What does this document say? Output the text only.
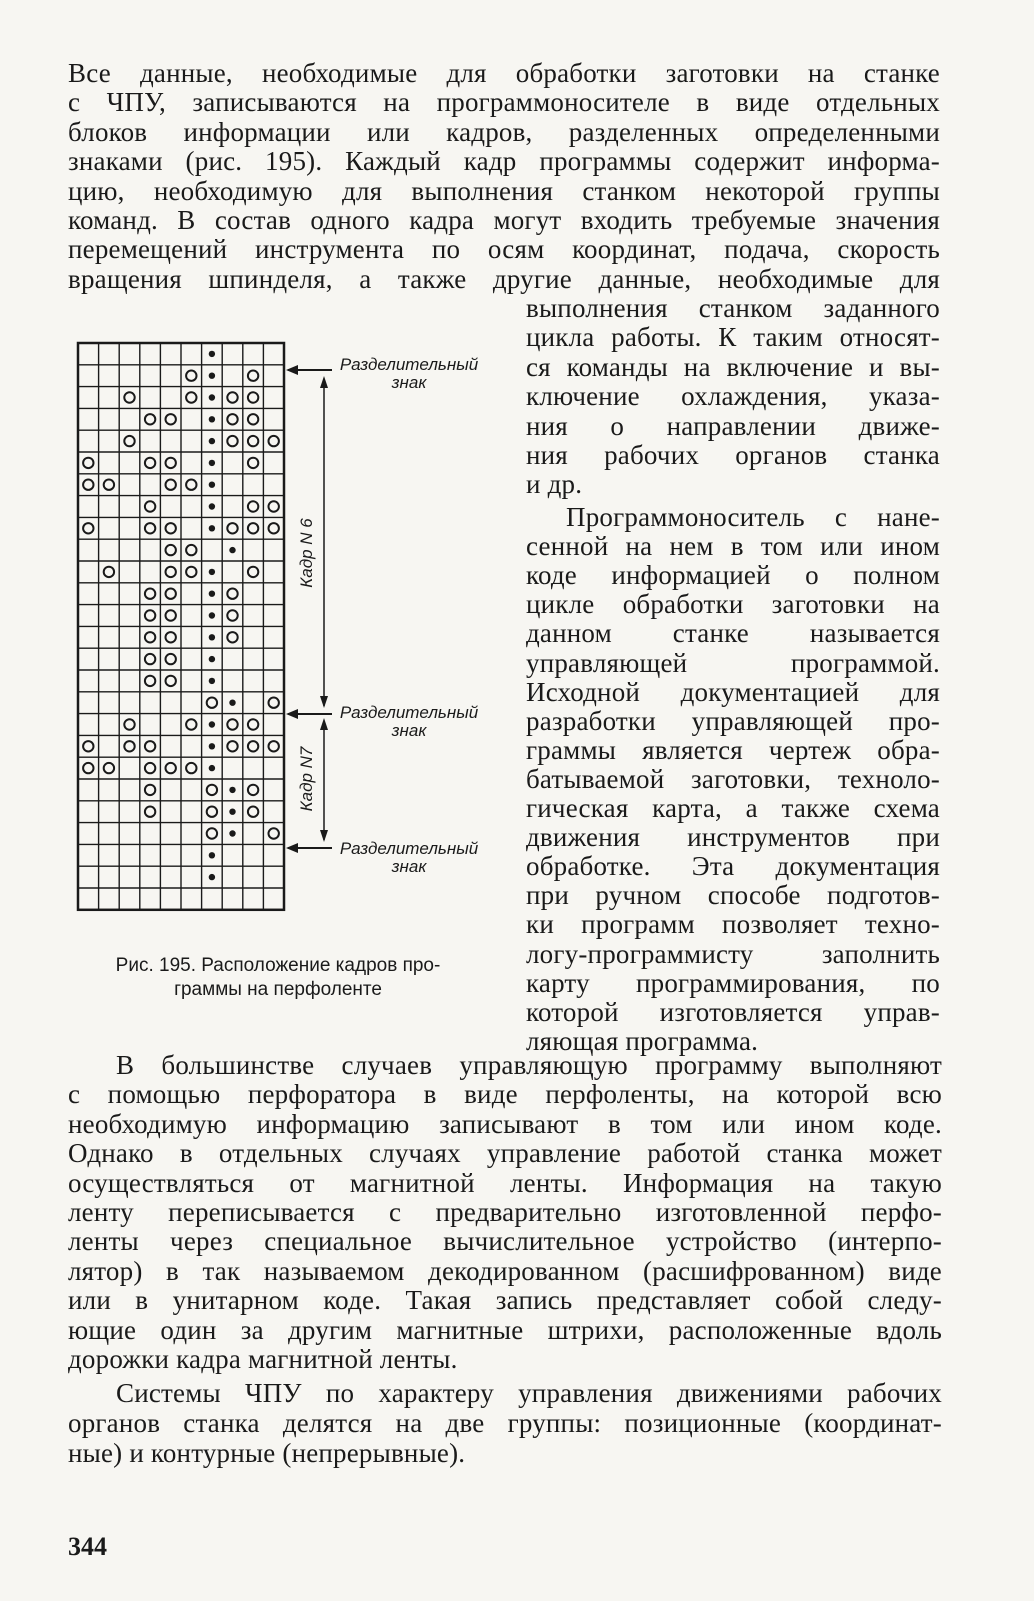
Все данные, необходимые для обработки заготовки на станке
с ЧПУ, записываются на программоносителе в виде отдельных
блоков информации или кадров, разделенных определенными
знаками (рис. 195). Каждый кадр программы содержит информа-
цию, необходимую для выполнения станком некоторой группы
команд. В состав одного кадра могут входить требуемые значения
перемещений инструмента по осям координат, подача, скорость
вращения шпинделя, а также другие данные, необходимые для
выполнения станком заданного
цикла работы. К таким относят-
ся команды на включение и вы-
ключение охлаждения, указа-
ния о направлении движе-
ния рабочих органов станка
и др.
Программоноситель с нане-
сенной на нем в том или ином
коде информацией о полном
цикле обработки заготовки на
данном станке называется
управляющей программой.
Исходной документацией для
разработки управляющей про-
граммы является чертеж обра-
батываемой заготовки, техноло-
гическая карта, а также схема
движения инструментов при
обработке. Эта документация
при ручном способе подготов-
ки программ позволяет техно-
логу-программисту заполнить
карту программирования, по
которой изготовляется управ-
ляющая программа.
В большинстве случаев управляющую программу выполняют
с помощью перфоратора в виде перфоленты, на которой всю
необходимую информацию записывают в том или ином коде.
Однако в отдельных случаях управление работой станка может
осуществляться от магнитной ленты. Информация на такую
ленту переписывается с предварительно изготовленной перфо-
ленты через специальное вычислительное устройство (интерпо-
лятор) в так называемом декодированном (расшифрованном) виде
или в унитарном коде. Такая запись представляет собой следу-
ющие один за другим магнитные штрихи, расположенные вдоль
дорожки кадра магнитной ленты.
Системы ЧПУ по характеру управления движениями рабочих
органов станка делятся на две группы: позиционные (координат-
ные) и контурные (непрерывные).
Разделительный
знак
Разделительный
знак
Разделительный
знак
Кадр N 6
Кадр N7
Рис. 195. Расположение кадров про-
граммы на перфоленте
344
